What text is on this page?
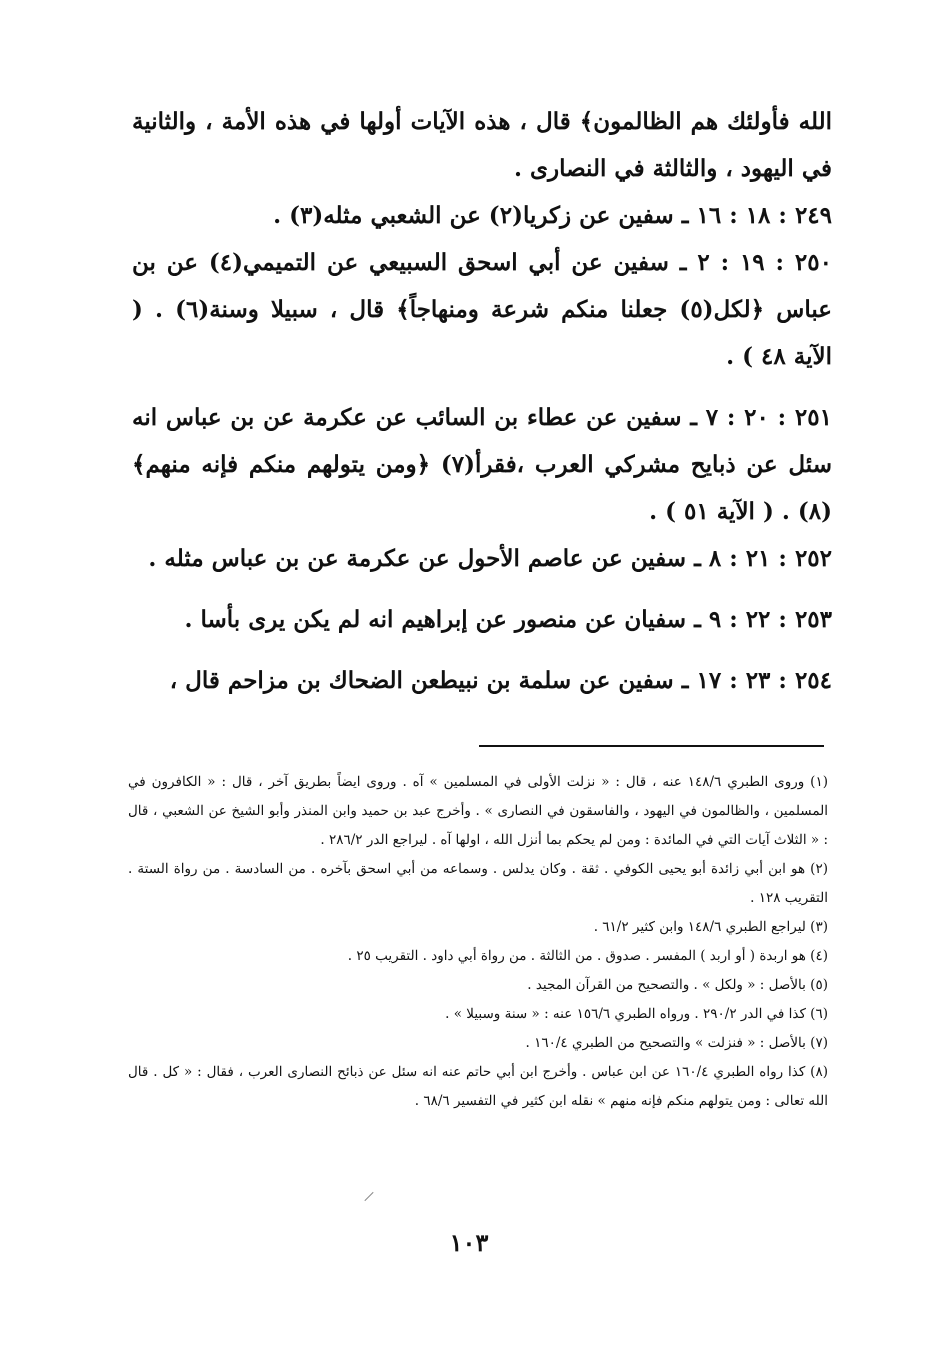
الله فأولئك هم الظالمون﴾ قال ، هذه الآيات أولها في هذه الأمة ، والثانية في اليهود ، والثالثة في النصارى .

٢٤٩ : ١٨ : ١٦ ـ سفين عن زكريا(٢) عن الشعبي مثله(٣) .

٢٥٠ : ١٩ : ٢ ـ سفين عن أبي اسحق السبيعي عن التميمي(٤) عن بن عباس ﴿لكل(٥) جعلنا منكم شرعة ومنهاجاً﴾ قال ، سبيلا وسنة(٦) . ( الآية ٤٨ ) .

٢٥١ : ٢٠ : ٧ ـ سفين عن عطاء بن السائب عن عكرمة عن بن عباس انه سئل عن ذبايح مشركي العرب ،فقرأ(٧) ﴿ومن يتولهم منكم فإنه منهم﴾(٨) . ( الآية ٥١ ) .

٢٥٢ : ٢١ : ٨ ـ سفين عن عاصم الأحول عن عكرمة عن بن عباس مثله .

٢٥٣ : ٢٢ : ٩ ـ سفيان عن منصور عن إبراهيم انه لم يكن يرى بأسا .

٢٥٤ : ٢٣ : ١٧ ـ سفين عن سلمة بن نبيطعن الضحاك بن مزاحم قال ،

(١) وروى الطبري ١٤٨/٦ عنه ، قال : « نزلت الأولى في المسلمين » آه . وروى ايضاً بطريق آخر ، قال : « الكافرون في المسلمين ، والظالمون في اليهود ، والفاسقون في النصارى » . وأخرج عبد بن حميد وابن المنذر وأبو الشيخ عن الشعبي ، قال : « الثلاث آيات التي في المائدة : ومن لم يحكم بما أنزل الله ، اولها آه . ليراجع الدر ٢٨٦/٢ .

(٢) هو ابن أبي زائدة أبو يحيى الكوفي . ثقة . وكان يدلس . وسماعه من أبي اسحق بآخره . من السادسة . من رواة الستة . التقريب ١٢٨ .

(٣) ليراجع الطبري ١٤٨/٦ وابن كثير ٦١/٢ .

(٤) هو اربدة ( أو اربد ) المفسر . صدوق . من الثالثة . من رواة أبي داود . التقريب ٢٥ .

(٥) بالأصل : « ولكل » . والتصحيح من القرآن المجيد .

(٦) كذا في الدر ٢٩٠/٢ . ورواه الطبري ١٥٦/٦ عنه : « سنة وسبيلا » .

(٧) بالأصل : « فنزلت » والتصحيح من الطبري ١٦٠/٤ .

(٨) كذا رواه الطبري ١٦٠/٤ عن ابن عباس . وأخرج ابن أبي حاتم عنه انه سئل عن ذبائح النصارى العرب ، فقال : « كل . قال الله تعالى : ومن يتولهم منكم فإنه منهم » نقله ابن كثير في التفسير ٦٨/٦ .

١٠٣
